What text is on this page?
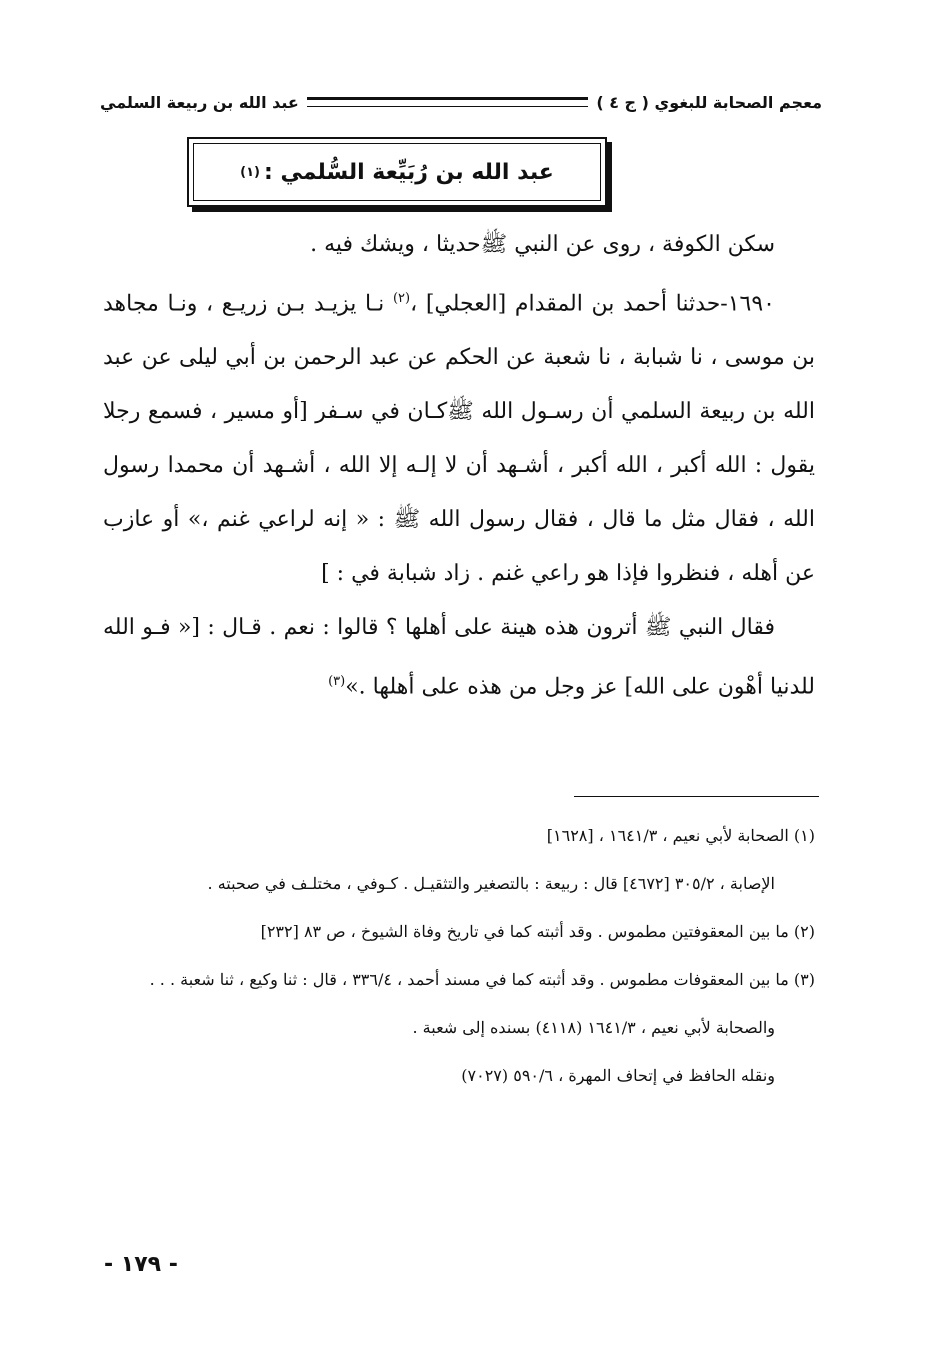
معجم الصحابة للبغوي ( ج ٤ )
عبد الله بن ربيعة السلمي
عبد الله بن رُبَيِّعة السُّلمي :
(١)

سكن الكوفة ، روى عن النبي ﷺحديثا ، ويشك فيه .

١٦٩٠-حدثنا أحمد بن المقدام [العجلي] ،$^{(٢)}$ نـا يزيـد بـن زريـع ، ونـا مجاهد بن موسى ، نا شبابة ، نا شعبة عن الحكم عن عبد الرحمن بن أبي ليلى عن عبد الله بن ربيعة السلمي أن رسـول الله ﷺكـان في سـفر [أو مسير ، فسمع رجلا يقول : الله أكبر ، الله أكبر ، أشـهد أن لا إلـه إلا الله ، أشـهد أن محمدا رسول الله ، فقال مثل ما قال ، فقال رسول الله ﷺ : « إنه لراعي غنم ،» أو عازب عن أهله ، فنظروا فإذا هو راعي غنم . زاد شبابة في : ]

فقال النبي ﷺ أترون هذه هينة على أهلها ؟ قالوا : نعم . قـال : [« فـو الله للدنيا أهْون على الله] عز وجل من هذه على أهلها .»$^{(٣)}$

(١) الصحابة لأبي نعيم ، ١٦٤١/٣ ، [١٦٢٨]

الإصابة ، ٣٠٥/٢ [٤٦٧٢] قال : ربيعة : بالتصغير والتثقيـل . كـوفي ، مختلـف في صحبته .

(٢) ما بين المعقوفتين مطموس . وقد أثبته كما في تاريخ وفاة الشيوخ ، ص ٨٣ [٢٣٢]

(٣) ما بين المعقوفات مطموس . وقد أثبته كما في مسند أحمد ، ٣٣٦/٤ ، قال : ثنا وكيع ، ثنا شعبة . . .

والصحابة لأبي نعيم ، ١٦٤١/٣ (٤١١٨) بسنده إلى شعبة .

ونقله الحافظ في إتحاف المهرة ، ٥٩٠/٦ (٧٠٢٧)

- ١٧٩ -
